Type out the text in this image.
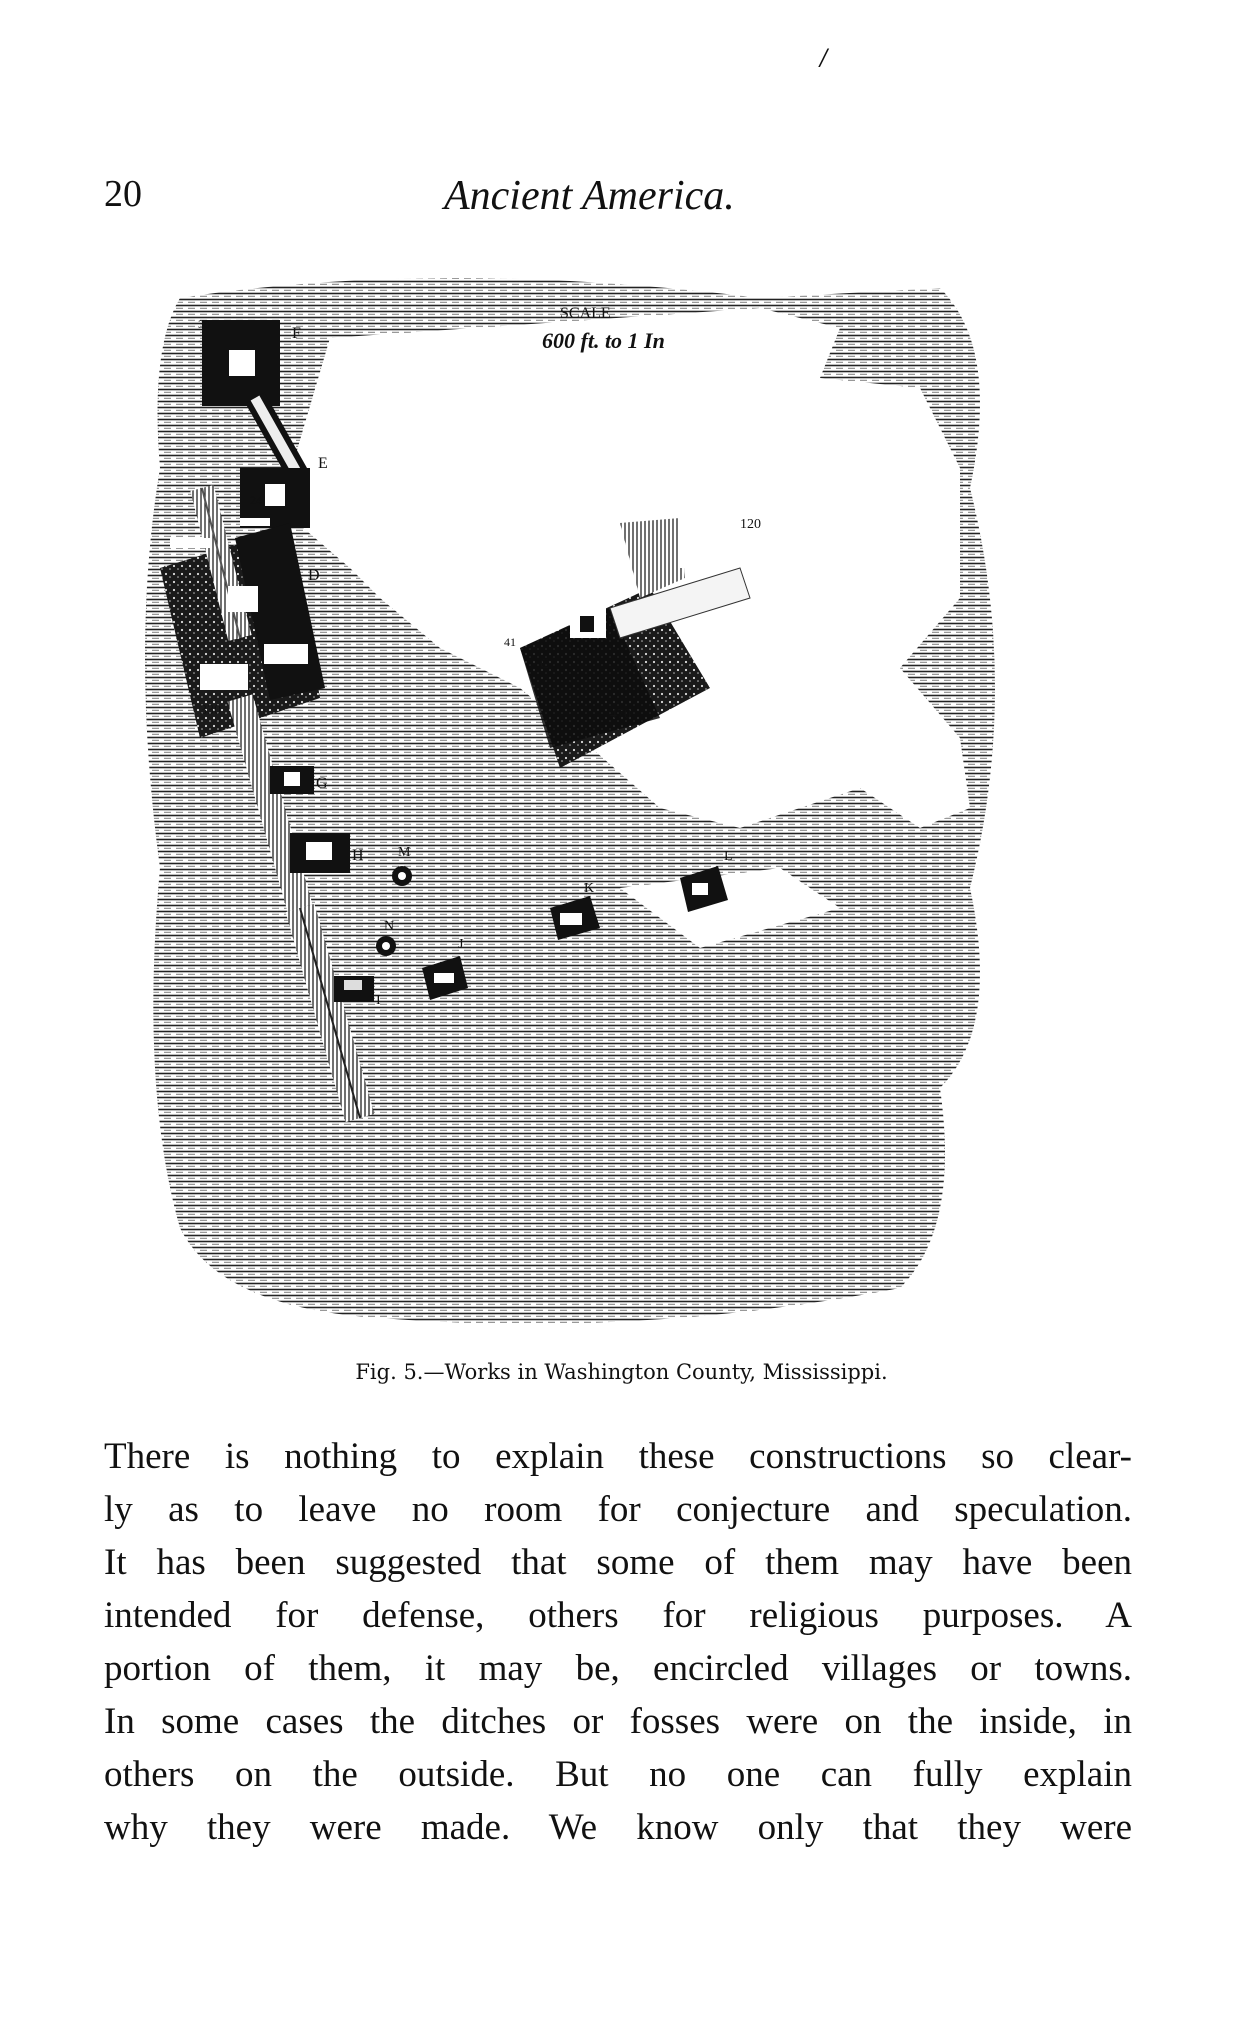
/
20	Ancient America.
SCALE
600 ft. to 1 In
F
E
D
C
G
H M
N
J
K
L
I
120
470
330
30
41
24
Fig. 5.—Works in Washington County, Mississippi.
There is nothing to explain these constructions so clear-
ly as to leave no room for conjecture and speculation.
It has been suggested that some of them may have been
intended for defense, others for religious purposes. A
portion of them, it may be, encircled villages or towns.
In some cases the ditches or fosses were on the inside, in
others on the outside. But no one can fully explain
why they were made. We know only that they were
